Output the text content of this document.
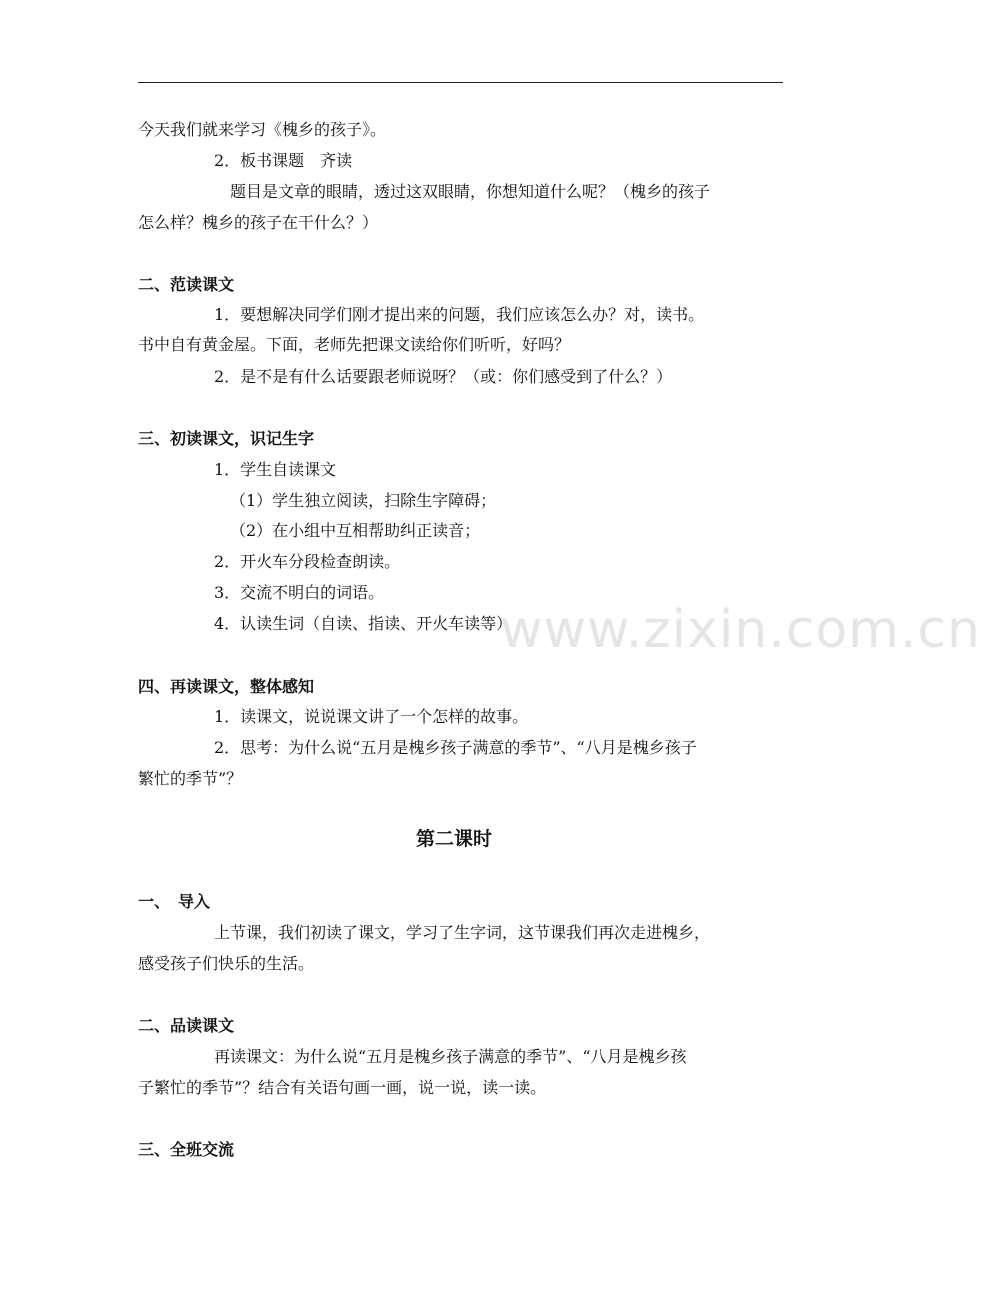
www.zixin.com.cn
今天我们就来学习《槐乡的孩子》。
2．板书课题　齐读
题目是文章的眼睛，透过这双眼睛，你想知道什么呢？（槐乡的孩子
怎么样？槐乡的孩子在干什么？）
二、范读课文
1．要想解决同学们刚才提出来的问题，我们应该怎么办？对，读书。
书中自有黄金屋。下面，老师先把课文读给你们听听，好吗？
2．是不是有什么话要跟老师说呀？（或：你们感受到了什么？）
三、初读课文，识记生字
1．学生自读课文
（1）学生独立阅读，扫除生字障碍；
（2）在小组中互相帮助纠正读音；
2．开火车分段检查朗读。
3．交流不明白的词语。
4．认读生词（自读、指读、开火车读等）
四、再读课文，整体感知
1．读课文，说说课文讲了一个怎样的故事。
2．思考：为什么说“五月是槐乡孩子满意的季节”、“八月是槐乡孩子
繁忙的季节”？
第二课时
一、　导入
上节课，我们初读了课文，学习了生字词，这节课我们再次走进槐乡，
感受孩子们快乐的生活。
二、品读课文
再读课文：为什么说“五月是槐乡孩子满意的季节”、“八月是槐乡孩
子繁忙的季节”？结合有关语句画一画，说一说，读一读。
三、全班交流
